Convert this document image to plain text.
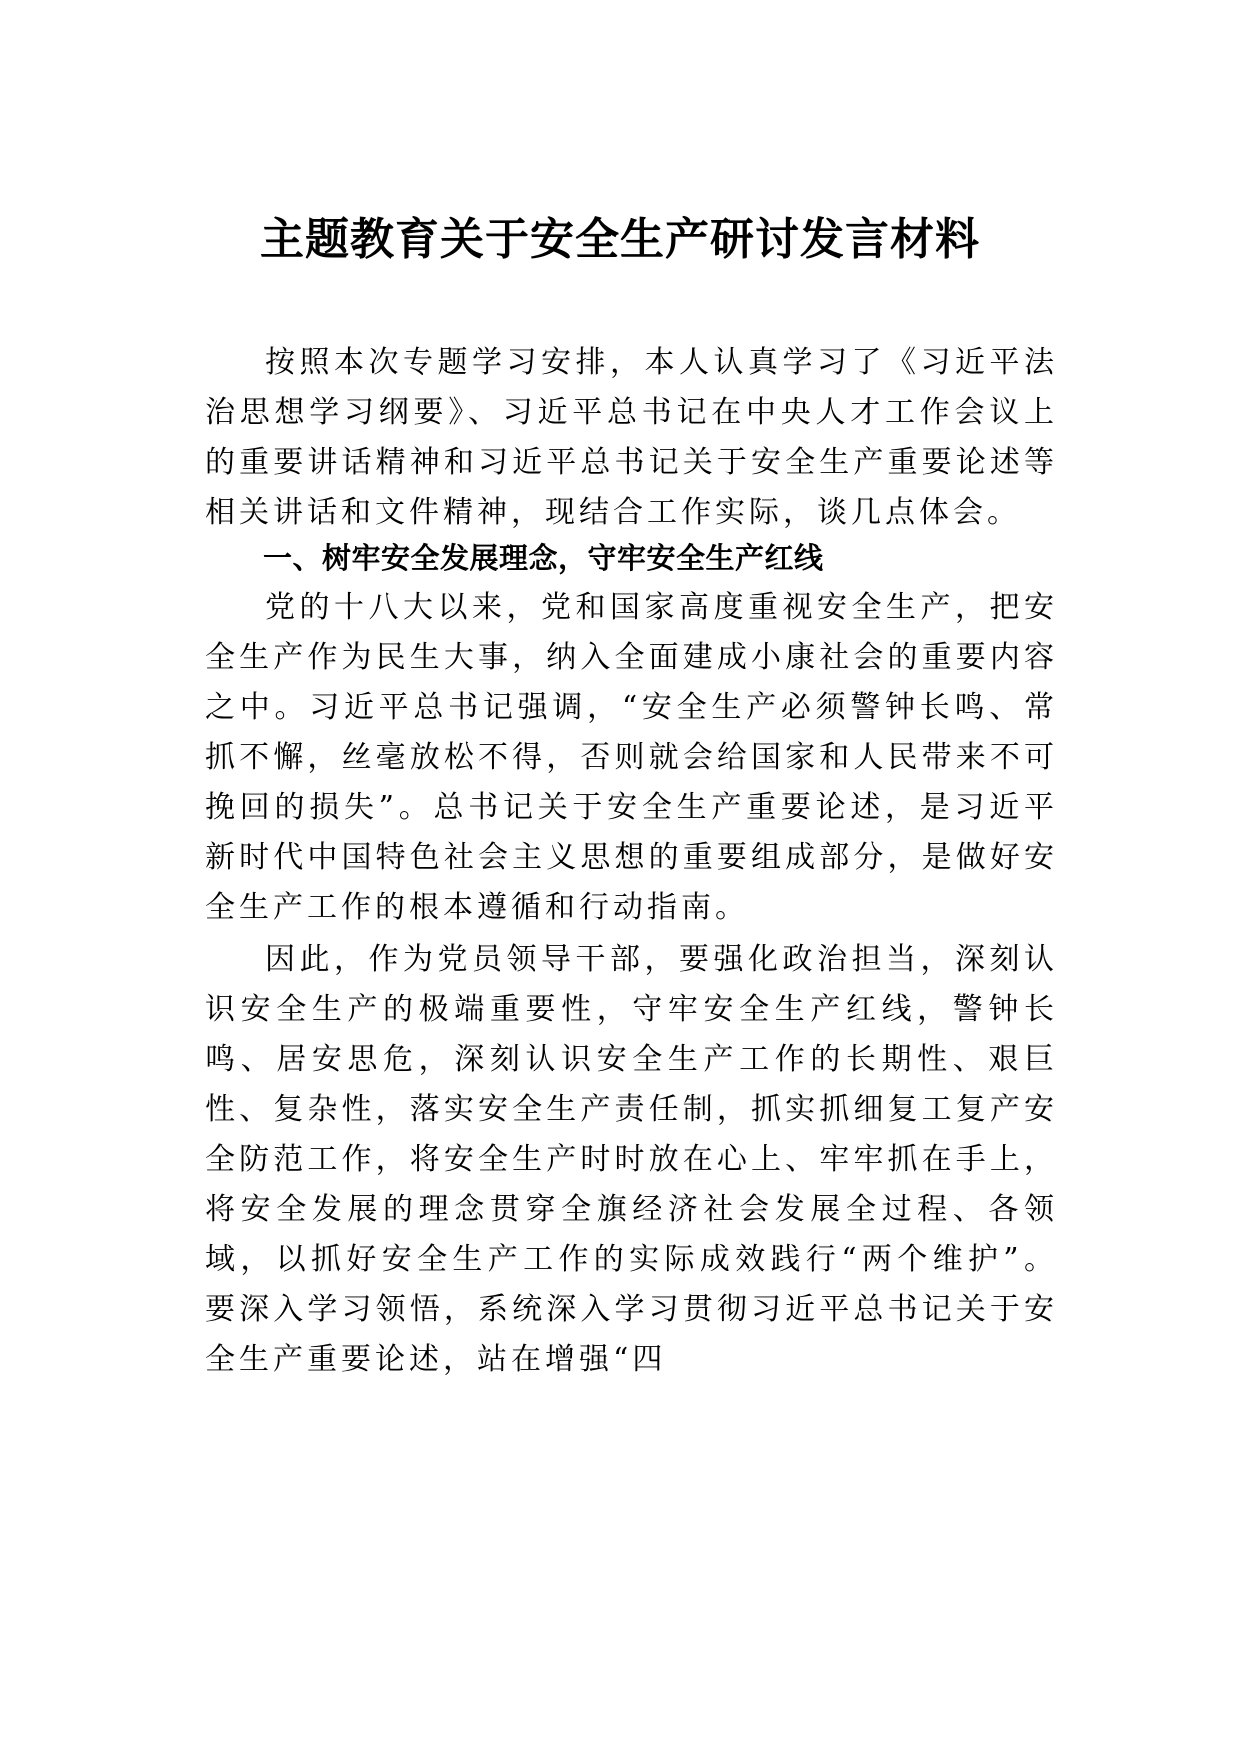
主题教育关于安全生产研讨发言材料

按照本次专题学习安排，本人认真学习了《习近平法治思想学习纲要》、习近平总书记在中央人才工作会议上的重要讲话精神和习近平总书记关于安全生产重要论述等相关讲话和文件精神，现结合工作实际，谈几点体会。

一、树牢安全发展理念，守牢安全生产红线

党的十八大以来，党和国家高度重视安全生产，把安全生产作为民生大事，纳入全面建成小康社会的重要内容之中。习近平总书记强调，“安全生产必须警钟长鸣、常抓不懈，丝毫放松不得，否则就会给国家和人民带来不可挽回的损失”。总书记关于安全生产重要论述，是习近平新时代中国特色社会主义思想的重要组成部分，是做好安全生产工作的根本遵循和行动指南。

因此，作为党员领导干部，要强化政治担当，深刻认识安全生产的极端重要性，守牢安全生产红线，警钟长鸣、居安思危，深刻认识安全生产工作的长期性、艰巨性、复杂性，落实安全生产责任制，抓实抓细复工复产安全防范工作，将安全生产时时放在心上、牢牢抓在手上，将安全发展的理念贯穿全旗经济社会发展全过程、各领域，以抓好安全生产工作的实际成效践行“两个维护”。要深入学习领悟，系统深入学习贯彻习近平总书记关于安全生产重要论述，站在增强“四
